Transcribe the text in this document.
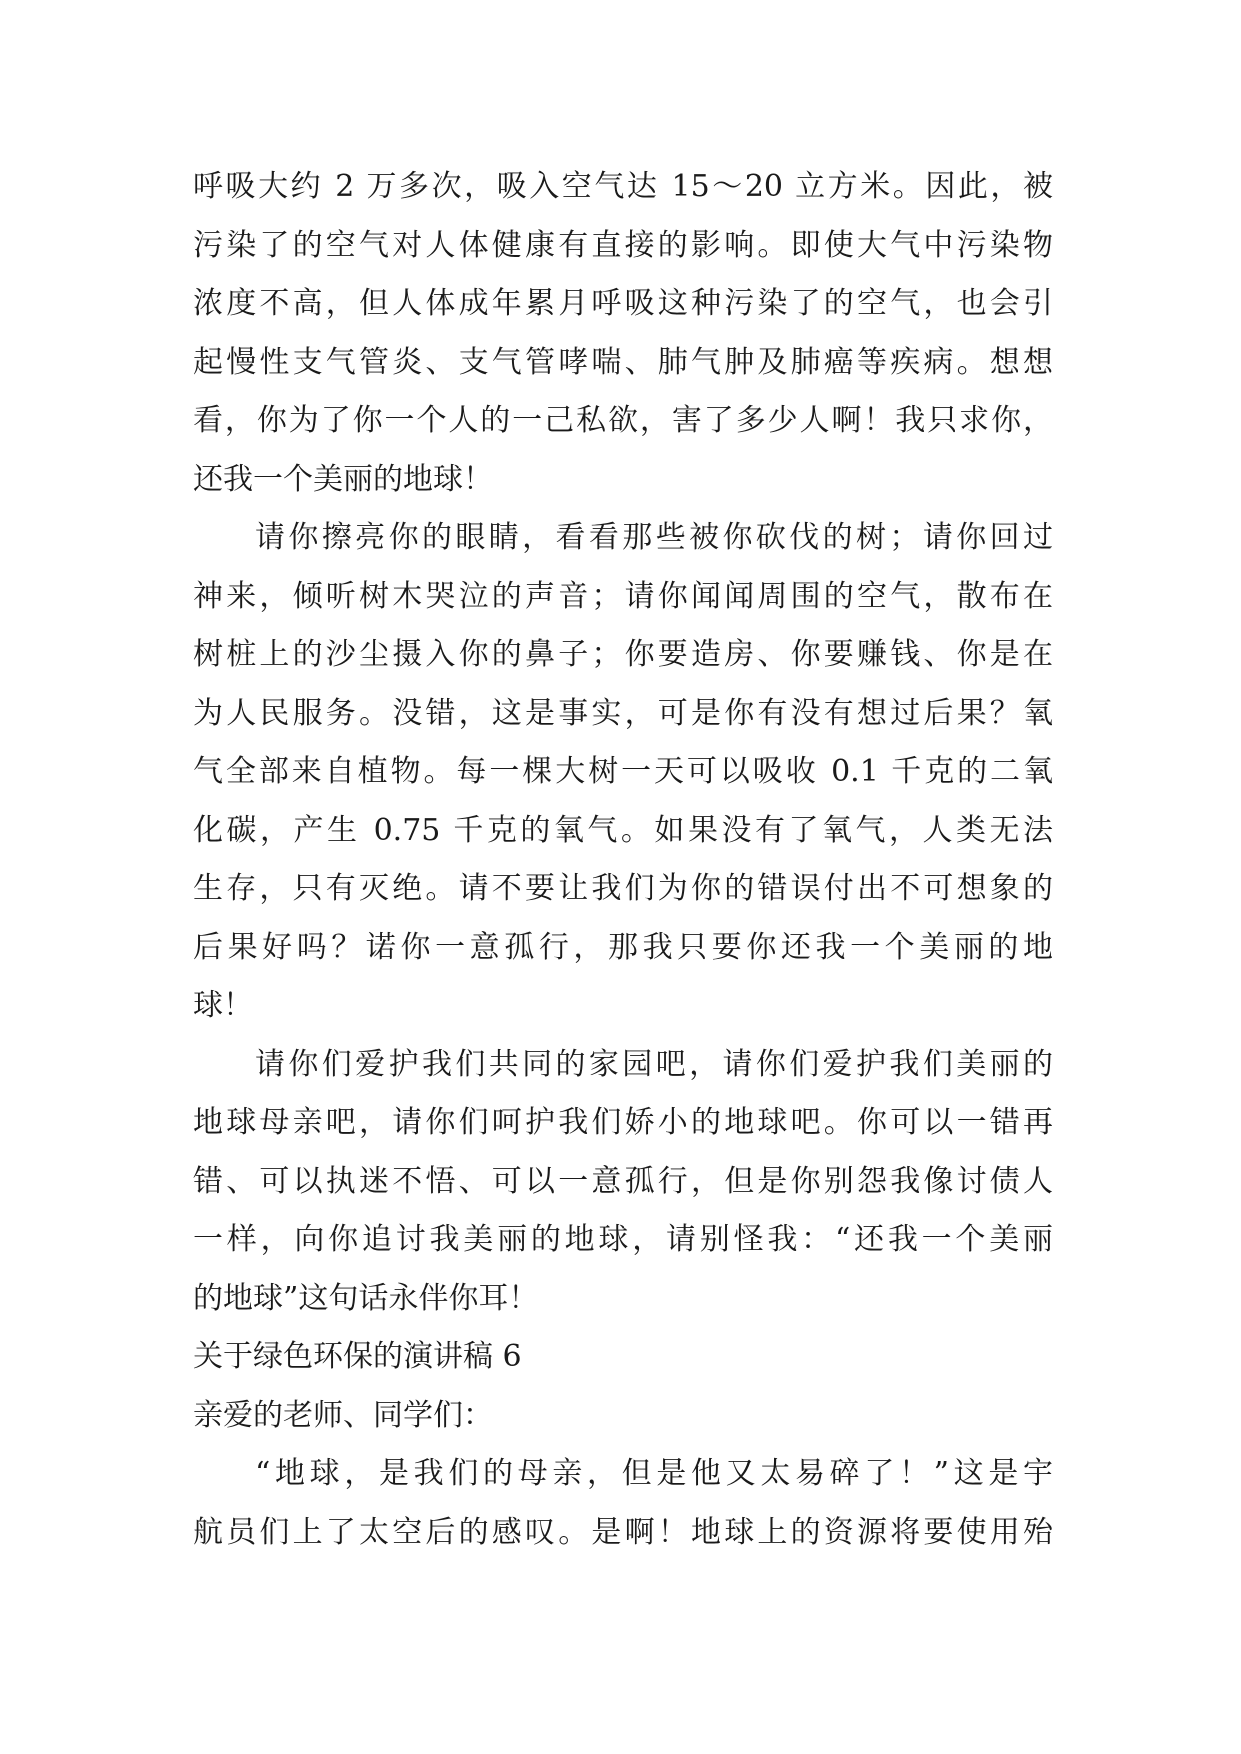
呼吸大约 2 万多次，吸入空气达 15～20 立方米。因此，被
污染了的空气对人体健康有直接的影响。即使大气中污染物
浓度不高，但人体成年累月呼吸这种污染了的空气，也会引
起慢性支气管炎、支气管哮喘、肺气肿及肺癌等疾病。想想
看，你为了你一个人的一己私欲，害了多少人啊！我只求你，
还我一个美丽的地球！
请你擦亮你的眼睛，看看那些被你砍伐的树；请你回过
神来，倾听树木哭泣的声音；请你闻闻周围的空气，散布在
树桩上的沙尘摄入你的鼻子；你要造房、你要赚钱、你是在
为人民服务。没错，这是事实，可是你有没有想过后果？氧
气全部来自植物。每一棵大树一天可以吸收 0.1 千克的二氧
化碳，产生 0.75 千克的氧气。如果没有了氧气，人类无法
生存，只有灭绝。请不要让我们为你的错误付出不可想象的
后果好吗？诺你一意孤行，那我只要你还我一个美丽的地
球！
请你们爱护我们共同的家园吧，请你们爱护我们美丽的
地球母亲吧，请你们呵护我们娇小的地球吧。你可以一错再
错、可以执迷不悟、可以一意孤行，但是你别怨我像讨债人
一样，向你追讨我美丽的地球，请别怪我：“还我一个美丽
的地球”这句话永伴你耳！
关于绿色环保的演讲稿 6
亲爱的老师、同学们：
“地球，是我们的母亲，但是他又太易碎了！”这是宇
航员们上了太空后的感叹。是啊！地球上的资源将要使用殆
